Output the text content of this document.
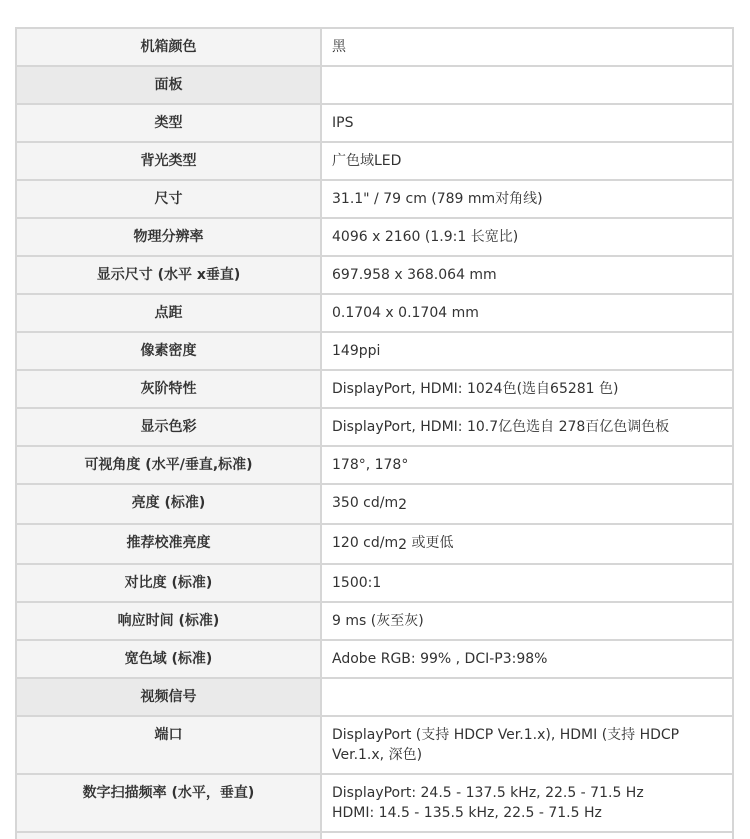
机箱颜色	黑
面板	
类型	IPS
背光类型	广色域LED
尺寸	31.1" / 79 cm (789 mm对角线)
物理分辨率	4096 x 2160 (1.9:1 长宽比)
显示尺寸 (水平 x垂直)	697.958 x 368.064 mm
点距	0.1704 x 0.1704 mm
像素密度	149ppi
灰阶特性	DisplayPort, HDMI: 1024色(选自65281 色)
显示色彩	DisplayPort, HDMI: 10.7亿色选自 278百亿色调色板
可视角度 (水平/垂直,标准)	178°, 178°
亮度 (标准)	350 $cd/m_2$
推荐校准亮度	120 $cd/m_2$ 或更低
对比度 (标准)	1500:1
响应时间 (标准)	9 ms (灰至灰)
宽色域 (标准)	Adobe RGB: 99% , DCI-P3:98%
视频信号	
端口	DisplayPort (支持 HDCP Ver.1.x), HDMI (支持 HDCP Ver.1.x, 深色)
数字扫描频率 (水平，垂直)	DisplayPort: 24.5 - 137.5 kHz, 22.5 - 71.5 Hz
HDMI: 14.5 - 135.5 kHz, 22.5 - 71.5 Hz
